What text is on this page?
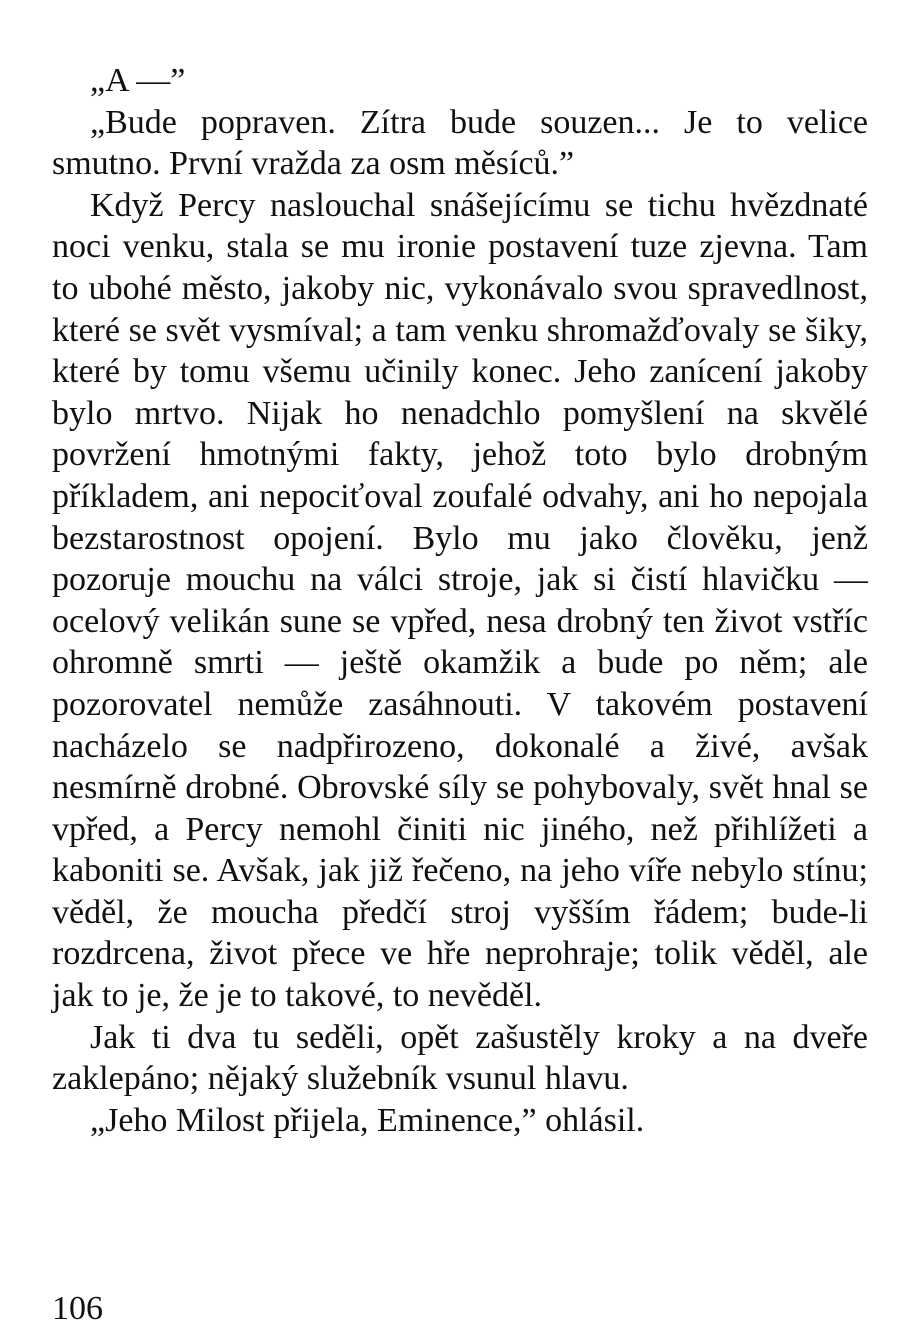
„A —”

„Bude popraven. Zítra bude souzen... Je to velice smutno. První vražda za osm měsíců.”

Když Percy naslouchal snášejícímu se tichu hvězdnaté noci venku, stala se mu ironie postavení tuze zjevna. Tam to ubohé město, jakoby nic, vykonávalo svou spravedlnost, které se svět vysmíval; a tam venku shromažďovaly se šiky, které by tomu všemu učinily konec. Jeho zanícení jakoby bylo mrtvo. Nijak ho nenadchlo pomyšlení na skvělé povržení hmotnými fakty, jehož toto bylo drobným příkladem, ani nepociťoval zoufalé odvahy, ani ho nepojala bezstarostnost opojení. Bylo mu jako člověku, jenž pozoruje mouchu na válci stroje, jak si čistí hlavičku — ocelový velikán sune se vpřed, nesa drobný ten život vstříc ohromně smrti — ještě okamžik a bude po něm; ale pozorovatel nemůže zasáhnouti. V takovém postavení nacházelo se nadpřirozeno, dokonalé a živé, avšak nesmírně drobné. Obrovské síly se pohybovaly, svět hnal se vpřed, a Percy nemohl činiti nic jiného, než přihlížeti a kaboniti se. Avšak, jak již řečeno, na jeho víře nebylo stínu; věděl, že moucha předčí stroj vyšším řádem; bude-li rozdrcena, život přece ve hře neprohraje; tolik věděl, ale jak to je, že je to takové, to nevěděl.

Jak ti dva tu seděli, opět zašustěly kroky a na dveře zaklepáno; nějaký služebník vsunul hlavu.

„Jeho Milost přijela, Eminence,” ohlásil.

106
